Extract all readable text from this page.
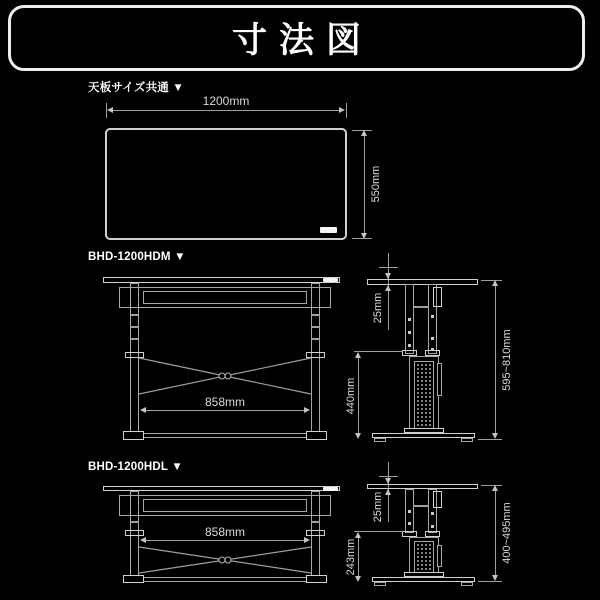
寸法図
天板サイズ共通 ▼
1200mm
550mm
BHD-1200HDM ▼
858mm
25mm
440mm
595~810mm
BHD-1200HDL ▼
858mm
25mm
243mm	400~495mm
